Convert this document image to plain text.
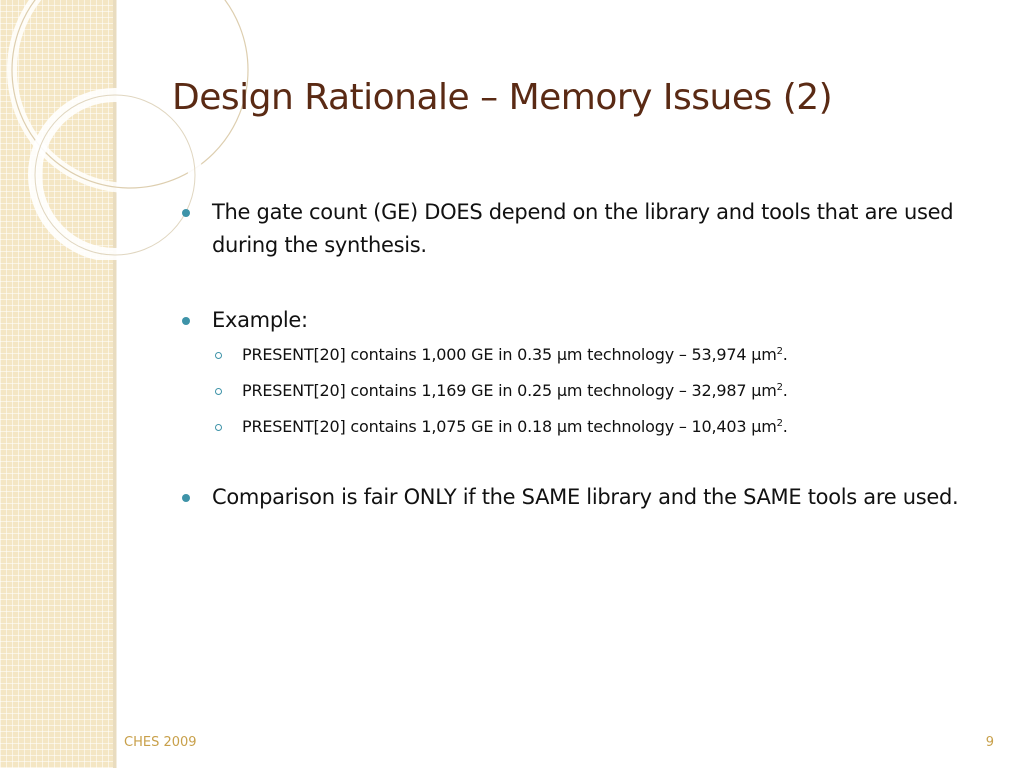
Design Rationale – Memory Issues (2)
The gate count (GE) DOES depend on the library and tools that are used during the synthesis.
Example:
PRESENT[20] contains 1,000 GE in 0.35 μm technology – 53,974 $\mu m^2$.
PRESENT[20] contains 1,169 GE in 0.25 μm technology – 32,987 $\mu m^2$.
PRESENT[20] contains 1,075 GE in 0.18 μm technology – 10,403 $\mu m^2$.
Comparison is fair ONLY if the SAME library and the SAME tools are used.
CHES 2009	9
